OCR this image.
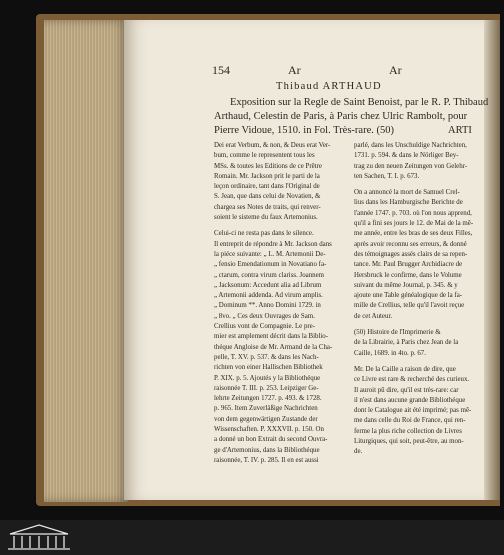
154	Ar	Ar
Thibaud ARTHAUD
Exposition sur la Regle de Saint Benoist, par le R. P. Thibaud
Arthaud, Celestin de Paris, à Paris chez Ulric Rambolt, pour
Pierre Vidoue, 1510. in Fol. Très-rare. (50)	ARTI
Dei erat Verbum, & non, & Deus erat Ver-
bum, comme le representent tous les
MSs. & toutes les Editions de ce Prêtre
Romain. Mr. Jackson prit le parti de la
leçon ordinaire, tant dans l'Original de
S. Jean, que dans celui de Novatien, &
chargea ses Notes de traits, qui renver-
soient le sisteme du faux Artemonius.
Celui-ci ne resta pas dans le silence.
Il entreprit de répondre à Mr. Jackson dans
la piéce suivante: „ L. M. Artemonii De-
„ fensio Emendationum in Novatiano fa-
„ ctarum, contra virum clariss. Joannem
„ Jacksonum: Accedunt alia ad Librum
„ Artemonii addenda. Ad virum amplis.
„ Dominum **. Anno Domini 1729. in
„ 8vo. „ Ces deux Ouvrages de Sam.
Crellius vont de Compagnie. Le pre-
mier est amplement décrit dans la Biblio-
théque Angloise de Mr. Armand de la Cha-
pelle, T. XV. p. 537. & dans les Nach-
richten von einer Hallischen Bibliothek
P. XIX. p. 5. Ajoutés y la Bibliothéque
raisonnée T. III. p. 253. Leipziger Ge-
lehrte Zeitungen 1727. p. 493. & 1728.
p. 965. Item Zuverläßige Nachrichten
von dem gegenwärtigen Zustande der
Wissenschaften. P. XXXVII. p. 150. On
a donné un bon Extrait du second Ouvra-
ge d'Artemonius, dans la Bibliothéque
raisonnée, T. IV. p. 285. Il en est aussi
parlé, dans les Unschuldige Nachrichten,
1731. p. 594. & dans le Nörliger Bey-
trag zu den neuen Zeitungen von Gelehr-
ten Sachen, T. I. p. 673.
On a annoncé la mort de Samuel Crel-
lius dans les Hamburgische Berichte de
l'année 1747. p. 703. où l'on nous apprend,
qu'il a fini ses jours le 12. de Mai de la mê-
me année, entre les bras de ses deux Filles,
après avoir reconnu ses erreurs, & donné
des témoignages assés clairs de sa repen-
tance. Mr. Paul Brugger Archidiacre de
Hersbruck le confirme, dans le Volume
suivant du même Journal, p. 345. & y
ajoute une Table généalogique de la fa-
mille de Crellius, telle qu'il l'avoit reçue
de cet Auteur.
(50) Histoire de l'Imprimerie &
de la Librairie, à Paris chez Jean de la
Caille, 1689. in 4to. p. 67.
Mr. De la Caille a raison de dire, que
ce Livre est rare & recherché des curieux.
Il auroit pû dire, qu'il est très-rare: car
il n'est dans aucune grande Bibliothéque
dont le Catalogue ait été imprimé; pas mê-
me dans celle du Roi de France, qui ren-
ferme la plus riche collection de Livres
Liturgiques, qui soit, peut-être, au mon-
de.
